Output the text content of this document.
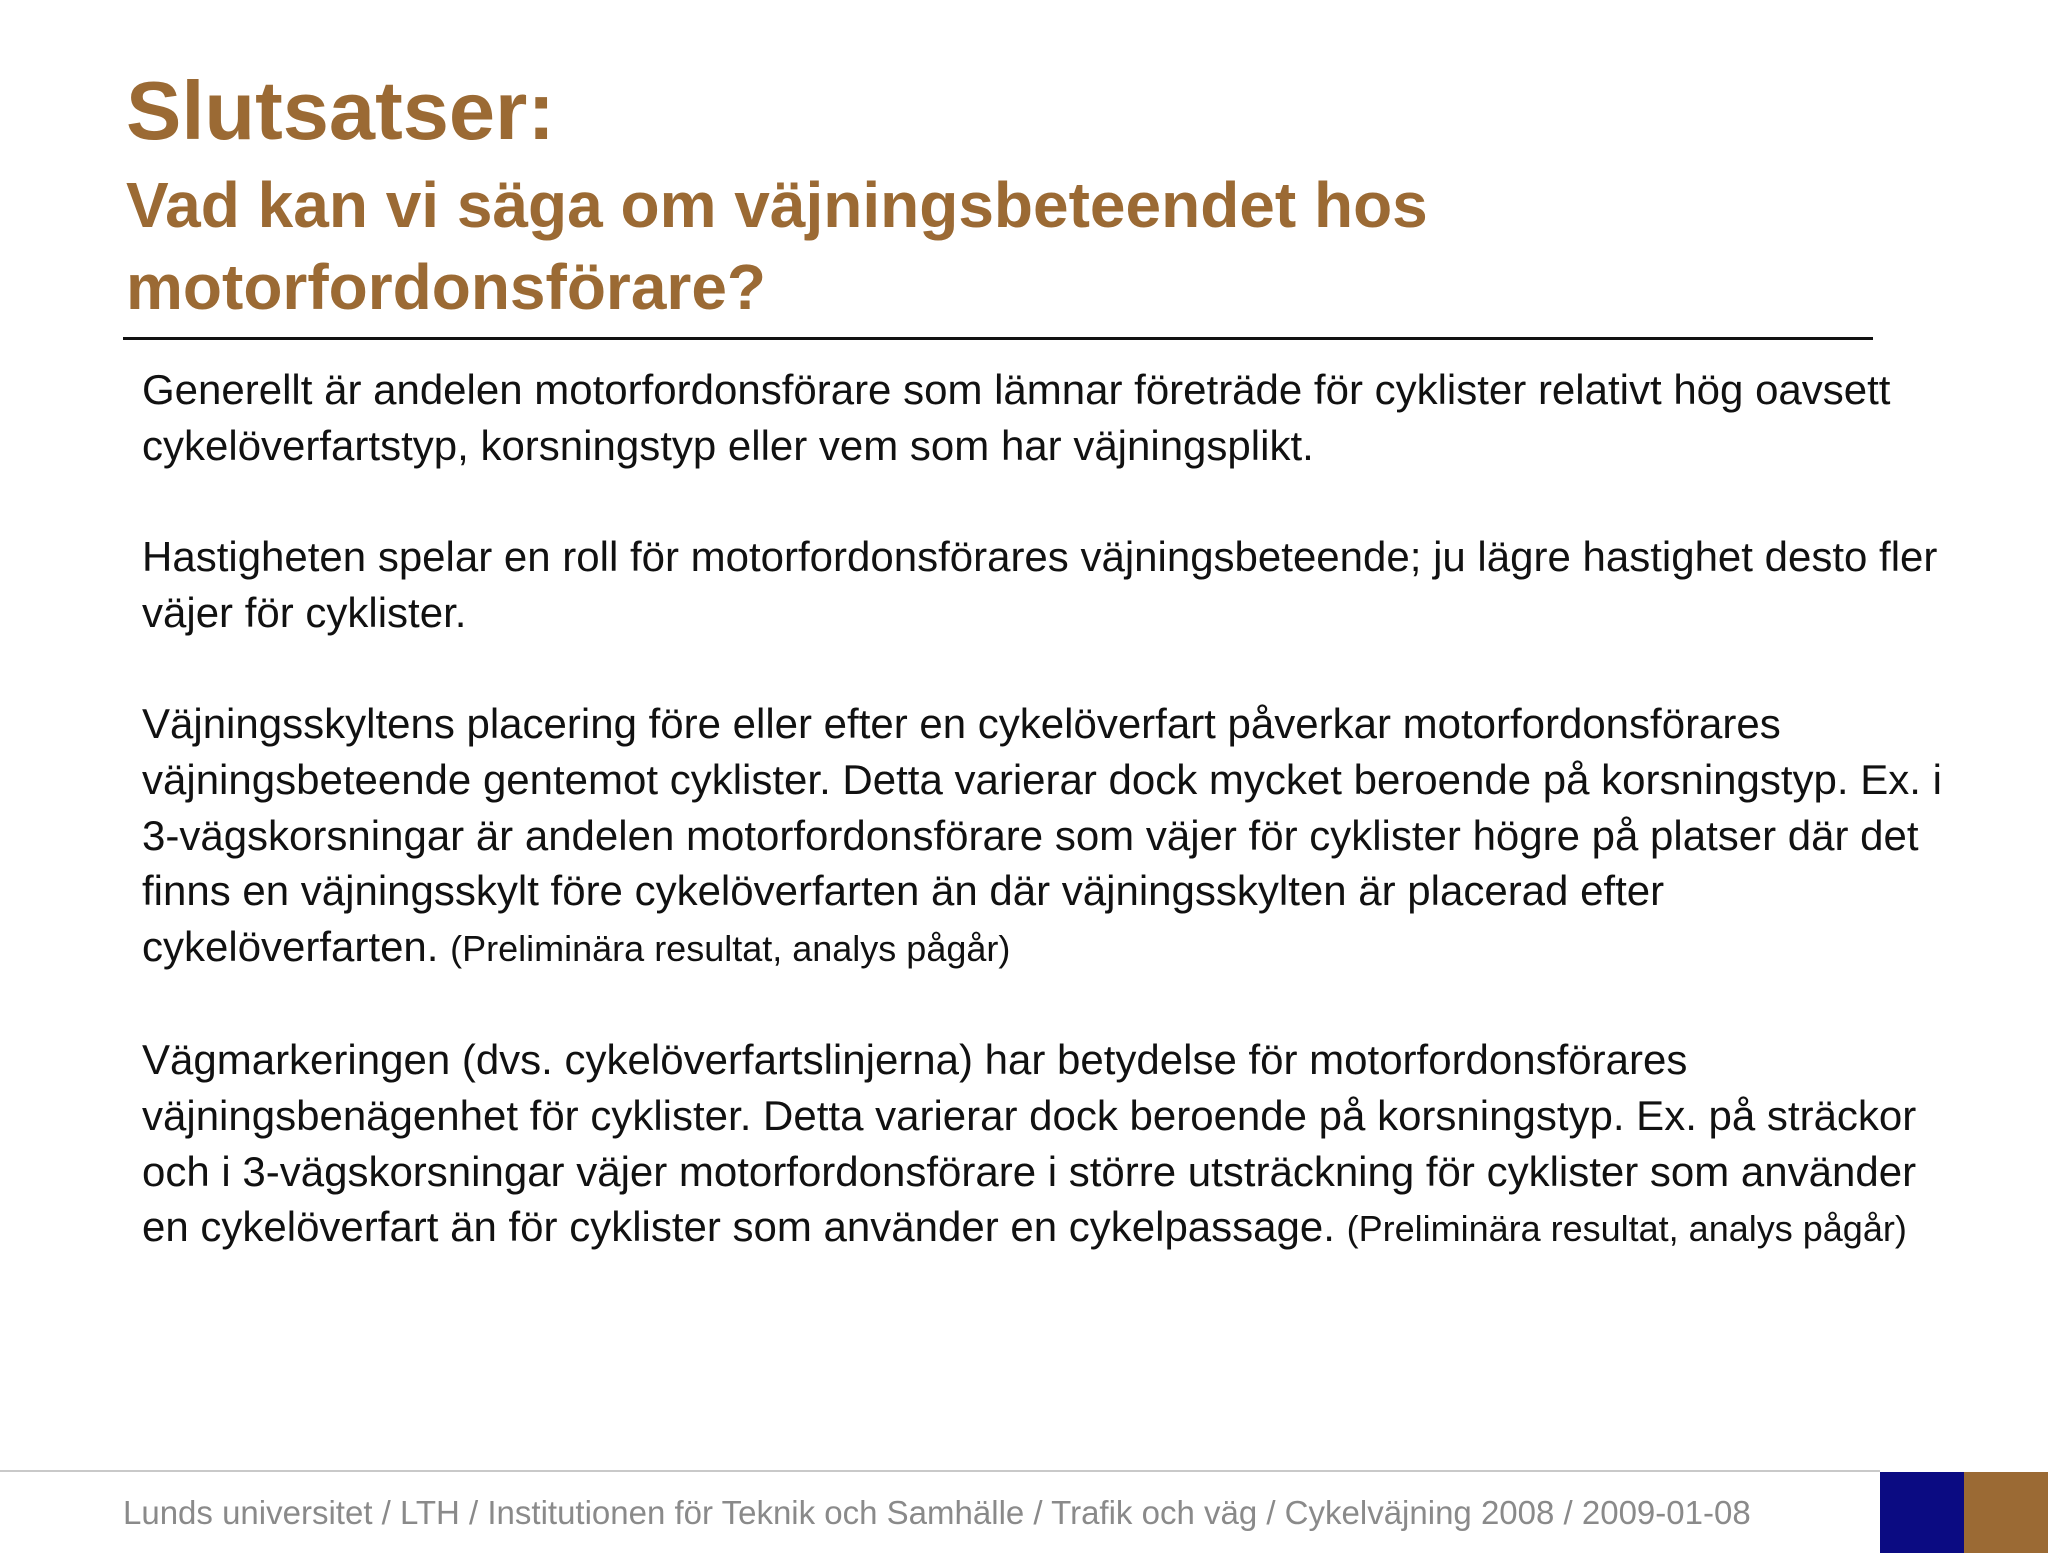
Slutsatser:
Vad kan vi säga om väjningsbeteendet hos motorfordonsförare?

Generellt är andelen motorfordonsförare som lämnar företräde för cyklister relativt hög oavsett cykelöverfartstyp, korsningstyp eller vem som har väjningsplikt.

Hastigheten spelar en roll för motorfordonsförares väjningsbeteende; ju lägre hastighet desto fler väjer för cyklister.

Väjningsskyltens placering före eller efter en cykelöverfart påverkar motorfordonsförares väjningsbeteende gentemot cyklister. Detta varierar dock mycket beroende på korsningstyp. Ex. i 3-vägskorsningar är andelen motorfordonsförare som väjer för cyklister högre på platser där det finns en väjningsskylt före cykelöverfarten än där väjningsskylten är placerad efter cykelöverfarten. (Preliminära resultat, analys pågår)

Vägmarkeringen (dvs. cykelöverfartslinjerna) har betydelse för motorfordonsförares väjningsbenägenhet för cyklister. Detta varierar dock beroende på korsningstyp. Ex. på sträckor och i 3-vägskorsningar väjer motorfordonsförare i större utsträckning för cyklister som använder en cykelöverfart än för cyklister som använder en cykelpassage. (Preliminära resultat, analys pågår)

Lunds universitet / LTH / Institutionen för Teknik och Samhälle / Trafik och väg / Cykelväjning 2008 / 2009-01-08
